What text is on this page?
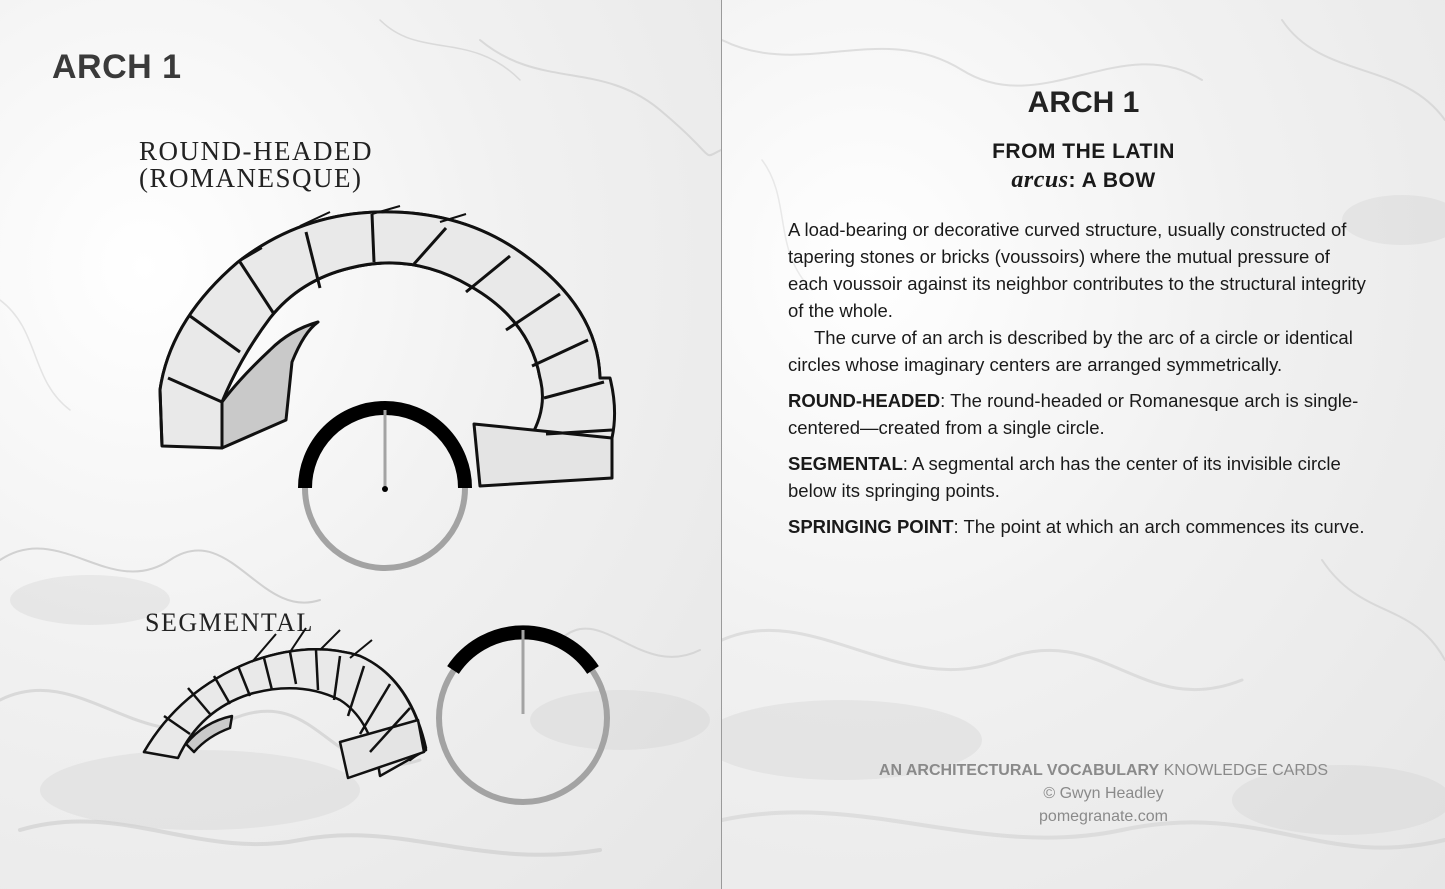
ARCH 1
ROUND-HEADED
(ROMANESQUE)
SEGMENTAL
ARCH 1
FROM THE LATIN
arcus: A BOW

A load-bearing or decorative curved structure, usually constructed of tapering stones or bricks (voussoirs) where the mutual pressure of each voussoir against its neighbor contributes to the structural integrity of the whole.

The curve of an arch is described by the arc of a circle or identical circles whose imaginary centers are arranged symmetrically.

ROUND-HEADED: The round-headed or Romanesque arch is single-centered—created from a single circle.

SEGMENTAL: A segmental arch has the center of its invisible circle below its springing points.

SPRINGING POINT: The point at which an arch commences its curve.

AN ARCHITECTURAL VOCABULARY KNOWLEDGE CARDS
© Gwyn Headley
pomegranate.com
